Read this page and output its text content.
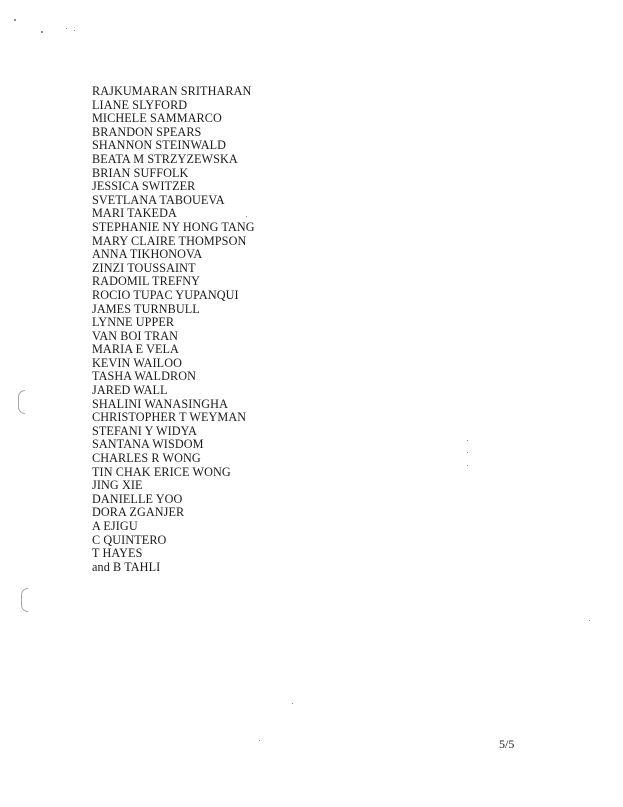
RAJKUMARAN SRITHARAN
LIANE SLYFORD
MICHELE SAMMARCO
BRANDON SPEARS
SHANNON STEINWALD
BEATA M STRZYZEWSKA
BRIAN SUFFOLK
JESSICA SWITZER
SVETLANA TABOUEVA
MARI TAKEDA
STEPHANIE NY HONG TANG
MARY CLAIRE THOMPSON
ANNA TIKHONOVA
ZINZI TOUSSAINT
RADOMIL TREFNY
ROCIO TUPAC YUPANQUI
JAMES TURNBULL
LYNNE UPPER
VAN BOI TRAN
MARIA E VELA
KEVIN WAILOO
TASHA WALDRON
JARED WALL
SHALINI WANASINGHA
CHRISTOPHER T WEYMAN
STEFANI Y WIDYA
SANTANA WISDOM
CHARLES R WONG
TIN CHAK ERICE WONG
JING XIE
DANIELLE YOO
DORA ZGANJER
A EJIGU
C QUINTERO
T HAYES
and B TAHLI
5/5
